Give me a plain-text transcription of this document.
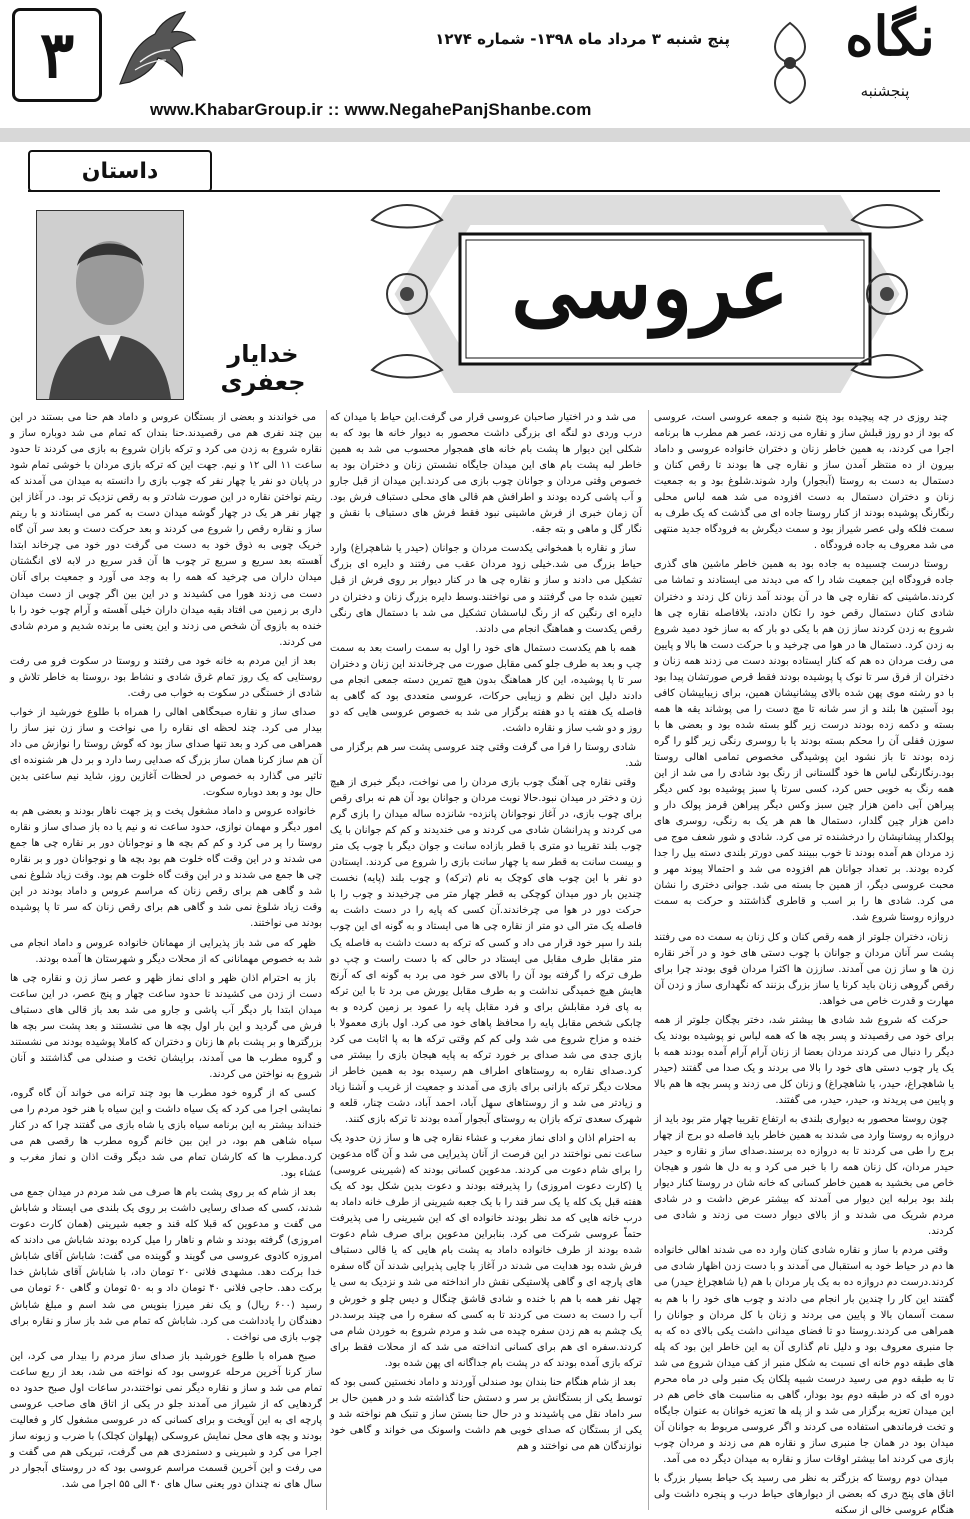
۳	پنج شنبه ۳ مرداد ماه ۱۳۹۸- شماره ۱۲۷۴
www.KhabarGroup.ir :: www.NegahePanjShanbe.com
نگاه
پنجشنبه
داستان
خدایار جعفری
عروسی

چند روزی در چه پیچیده بود پنج شنبه و جمعه عروسی است، عروسی که بود از دو روز قبلش ساز و نقاره می زدند، عصر هم مطرب ها برنامه اجرا می کردند، به همین خاطر زنان و دختران خانواده عروسی و داماد بیرون از ده منتظر آمدن ساز و نقاره چی ها بودند تا رقص کنان و دستمال به دست به روستا (آبجوار) وارد شوند.شلوغ بود و به جمعیت زنان و دختران دستمال به دست افزوده می شد همه لباس محلی رنگارنگ پوشیده بودند از کنار روستا جاده ای می گذشت که یک طرف به سمت فلکه ولی عصر شیراز بود و سمت دیگرش به فرودگاه جدید منتهی می شد معروف به جاده فرودگاه .

روستا درست چسبیده به جاده بود به همین خاطر ماشین های گذری جاده فرودگاه این جمعیت شاد را که می دیدند می ایستادند و تماشا می کردند.ماشینی که نقاره چی ها در آن بودند آمد زنان کل زدند و دختران شادی کنان دستمال رقص خود را تکان دادند، بلافاصله نقاره چی ها شروع به زدن کردند ساز زن هم با یکی دو بار که به ساز خود دمید شروع به زدن کرد. دستمال ها در هوا می چرخید و با حرکت دست ها بالا و پایین می رفت مردان ده هم که کنار ایستاده بودند دست می زدند همه زنان و دختران از فرق سر تا نوک پا پوشیده بودند فقط قرص صورتشان پیدا بود با دو رشته موی پهن شده بالای پیشانیشان همین، برای زیباییشان کافی بود آستین ها بلند و از سر شانه تا مچ دست را می پوشاند یقه ها همه بسته و دکمه زده بودند درست زیر گلو بسته شده بود و بعضی ها با سوزن قفلی آن را محکم بسته بودند یا با روسری رنگی زیر گلو را گره زده بودند تا باز نشود این پوشیدگی مخصوص تمامی اهالی روستا بود.رنگارنگی لباس ها خود گلستانی از رنگ بود شادی را می شد از این همه رنگ به خوبی حس کرد، کسی سرتا پا سبز پوشیده بود کس دیگر پیراهن آبی دامن هزار چین سبز وکس دیگر پیراهن قرمز پولک دار و دامن هزار چین گلدار، دستمال ها هم هر یک به رنگی، روسری های پولکدار پیشانیشان را درخشنده تر می کرد. شادی و شور شعف موج می زد مردان هم آمده بودند تا خوب ببینند کمی دورتر بلندی دسته بیل را جدا کرده بودند. بر تعداد جوانان هم افزوده می شد و احتمالا پیوند مهر و محبت عروسی دیگر، از همین جا بسته می شد. جوانی دختری را نشان می کرد. شادی ها را بر اسب و قاطری گذاشتند و حرکت به سمت دروازه روستا شروع شد.

زنان، دختران جلوتر از همه رقص کنان و کل زنان به سمت ده می رفتند پشت سر آنان مردان و جوانان با چوب دستی های خود و در آخر نقاره زن ها و ساز زن می آمدند. ساززن ها اکثرا مردان قوی بودند چرا برای رقص گروهی زنان باید کرنا یا ساز بزرگ بزنند که نگهداری ساز و زدن آن مهارت و قدرت خاص می خواهد.

حرکت که شروع شد شادی ها بیشتر شد، دختر بچگان جلوتر از همه برای خود می رقصیدند و پسر بچه ها که همه لباس نو پوشیده بودند یک دیگر را دنبال می کردند مردان بعضا از زنان آرام آرام آمده بودند همه با یک یار چوب دستی های خود را بالا می بردند و یک صدا می گفتند (حیدر یا شاهچراغ، حیدر، یا شاهچراغ) و زنان کل می زدند و پسر بچه ها هم بالا و پایین می پریدند و، حیدر، حیدر، می گفتند.

چون روستا محصور به دیواری بلندی به ارتفاع تقریبا چهار متر بود باید از دروازه به روستا وارد می شدند به همین خاطر باید فاصله دو برج از چهار برج را طی می کردند تا به دروازه ده برسند.صدای ساز و نقاره و حیدر حیدر مردان، کل زنان همه را با خبر می کرد و به دل ها شور و هیجان خاص می بخشید به همین خاطر کسانی که خانه شان در روستا کنار دیوار بلند بود برلبه این دیوار می آمدند که بیشتر عرض داشت و در شادی مردم شریک می شدند و از بالای دیوار دست می زدند و شادی می کردند.

وقتی مردم با ساز و نقاره شادی کنان وارد ده می شدند اهالی خانواده ها دم در حیاط خود به استقبال می آمدند و با دست زدن اظهار شادی می کردند.درست دم دروازه ده به یک یار مردان با هم (یا شاهچراغ حیدر) می گفتند این کار را چندین بار انجام می دادند و چوب های خود را با هم به سمت آسمان بالا و پایین می بردند و زنان با کل مردان و جوانان را همراهی می کردند.روستا دو تا فضای میدانی داشت یکی بالای ده که به جا منبری معروف بود و دلیل نام گذاری آن به این خاطر این بود که پله های طبقه دوم خانه ای نسبت به شکل منبر از کف میدان شروع می شد تا به طبقه دوم می رسید درست شبیه پلکان یک منبر ولی در ماه محرم دوره ای که در طبقه دوم بود بودار، گاهی به مناسبت های خاص هم در این میدان تعزیه برگزار می شد و از پله ها تعزیه خوانان به عنوان جایگاه و تخت فرماندهی استفاده می کردند و اگر عروسی مربوط به جوانان آن میدان بود در همان جا منبری ساز و نقاره هم می زدند و مردان چوب بازی می کردند اما بیشتر اوقات ساز و نقاره به میدان دیگر ده می آمد.

میدان دوم روستا که بزرگتر به نظر می رسید یک حیاط بسیار بزرگ با اتاق های پنج دری که بعضی از دیوارهای حیاط درب و پنجره داشت ولی هنگام عروسی خالی از سکنه

می شد و در اختیار صاحبان عروسی قرار می گرفت.این حیاط یا میدان که درب وردی دو لنگه ای بزرگی داشت محصور به دیوار خانه ها بود که به شکلی این دیوار ها پشت بام خانه های همجوار محسوب می شد به همین خاطر لبه پشت بام های این میدان جایگاه نشستن زنان و دختران بود به خصوص وقتی مردان و جوانان چوب بازی می کردند.این میدان از قبل جارو و آب پاشی کرده بودند و اطرافش هم قالی های محلی دستباف فرش بود. آن زمان خبری از فرش ماشینی نبود فقط فرش های دستباف با نقش و نگار گل و ماهی و بته جقه.

ساز و نقاره با همخوانی یکدست مردان و جوانان (حیدر یا شاهچراغ) وارد حیاط بزرگ می شد.خیلی زود مردان عقب می رفتند و دایره ای بزرگ تشکیل می دادند و ساز و نقاره چی ها در کنار دیوار بر روی فرش از قبل تعیین شده جا می گرفتند و می نواختند.وسط دایره بزرگ زنان و دختران در دایره ای رنگین که از رنگ لباسشان تشکیل می شد با دستمال های رنگی رقص یکدست و هماهنگ انجام می دادند.

همه با هم یکدست دستمال های خود را اول به سمت راست بعد به سمت چپ و بعد به طرف جلو کمی مقابل صورت می چرخاندند این زنان و دختران سر تا پا پوشیده، این کار هماهنگ بدون هیچ تمرین دسته جمعی انجام می دادند دلیل این نظم و زیبایی حرکات، عروسی متعددی بود که گاهی به فاصله یک هفته یا دو هفته برگزار می شد به خصوص عروسی هایی که دو روز و دو شب ساز و نقاره داشت.

شادی روستا را فرا می گرفت وقتی چند عروسی پشت سر هم برگزار می شد.

وقتی نقاره چی آهنگ چوب بازی مردان را می نواخت، دیگر خبری از هیچ زن و دختر در میدان نبود.حالا نوبت مردان و جوانان بود آن هم نه برای رقص برای چوب بازی، در آغاز نوجوانان پانزده- شانزده ساله میدان را بازی گرم می کردند و پدرانشان شادی می کردند و می خندیدند و کم کم جوانان با یک چوب بلند تقریبا دو متری با قطر بازاده سانت و جوان دیگر با چوب یک متر و بیست سانت به قطر سه یا چهار سانت بازی را شروع می کردند. ایستادن دو نفر با این چوب های کوچک به نام (ترکه) و چوب بلند (پایه) نخست چندین بار دور میدان کوچکی به قطر چهار متر می چرخیدند و چوب را با حرکت دور در هوا می چرخاندند.آن کسی که پایه را در دست داشت به فاصله یک متر الی دو متر از نقاره چی ها می ایستاد و به گونه ای این چوب بلند را سپر خود قرار می داد و کسی که ترکه به دست داشت به فاصله یک متر مقابل طرف مقابل می ایستاد در حالی که با دست راست و چپ دو طرف ترکه را گرفته بود آن را بالای سر خود می برد به گونه ای که آرنج هایش هیچ خمیدگی نداشت و به طرف مقابل یورش می برد تا با این ترکه به پای فرد مقابلش برای و فرد مقابل پایه را عمود بر زمین کرده و به چابکی شخص مقابل پایه را محافظ پاهای خود می کرد. اول بازی معمولا با خنده و مزاح شروع می شد ولی کم کم وقتی ترکه ها به پا اثابت می کرد بازی جدی می شد صدای بر خورد ترکه به پایه هیجان بازی را بیشتر می کرد.صدای نقاره به روستاهای اطراف هم رسیده بود به همین خاطر از محلات دیگر ترکه بازانی برای بازی می آمدند و جمعیت از غریب و آشنا زیاد و زیادتر می شد و از روستاهای سهل آباد، احمد آباد، دشت چنار، قلعه و شهرک سعدی ترکه بازان به روستای آبجوار آمده بودند تا ترکه بازی کنند.

به احترام اذان و ادای نماز مغرب و عشاء نقاره چی ها و ساز زن حدود یک ساعت نمی نواختند در این فرصت از آنان پذیرایی می شد و آن گاه مدعوین را برای شام دعوت می کردند. مدعوین کسانی بودند که (شیرینی عروسی) یا (کارت دعوت امروزی) را پذیرفته بودند و دعوت بدین شکل بود که یک هفته قبل یک کله یا یک سر قند را با یک جعبه شیرینی از طرف خانه داماد به درب خانه هایی که مد نظر بودند خانواده ای که این شیرینی را می پذیرفت حتماً عروسی شرکت می کرد. بنابراین مدعوین برای صرف شام دعوت شده بودند از طرف خانواده داماد به پشت بام هایی که یا قالی دستباف فرش شده بود هدایت می شدند در آغاز با چایی پذیرایی شدند آن گاه سفره های پارچه ای و گاهی پلاستیکی نقش دار انداخته می شد و نزدیک به سی یا چهل نفر همه با هم با خنده و شادی قاشق چنگال و دیس چلو و خورش و آب را دست به دست می کردند تا به کسی که سفره را می چیند برسد.در یک چشم به هم زدن سفره چیده می شد و مردم شروع به خوردن شام می کردند.سفره ای هم برای کسانی انداخته می شد که از محلات فقط برای ترکه بازی آمده بودند که در پشت بام جداگانه ای پهن شده بود.

بعد از شام هنگام حنا بندان بود صندلی آوردند و داماد نخستین کسی بود که توسط یکی از بستگانش بر سر و دستش حنا گذاشته شد و در همین حال بر سر داماد نقل می پاشیدند و در حال حنا بستن ساز و تنبک هم نواخته شد و یکی از بستگان که صدای خوبی هم داشت واسونک می خواند و گاهی خود نوازندگان هم می نواختند و هم

می خواندند و بعضی از بستگان عروس و داماد هم حنا می بستند در این بین چند نفری هم می رقصیدند.حنا بندان که تمام می شد دوباره ساز و نقاره شروع به زدن می کرد و ترکه بازان شروع به بازی می کردند تا حدود ساعت ۱۱ الی ۱۲ و نیم. جهت این که ترکه بازی مردان با خوشی تمام شود در پایان دو نفر یا چهار نفر که چوب بازی را دانسته به میدان می آمدند که ریتم نواختن نقاره در این صورت شادتر و به رقص نزدیک تر بود. در آغاز این چهار نفر هر یک در چهار گوشه میدان دست به کمر می ایستادند و با ریتم ساز و نقاره رقص را شروع می کردند و بعد حرکت دست و بعد سر آن گاه خریک چوبی به ذوق خود به دست می گرفت دور خود می چرخاند ابتدا آهسته بعد سریع و سریع تر چوب ها آن قدر سریع در لابه لای انگشتان میدان داران می چرخید که همه را به وجد می آورد و جمعیت برای آنان دست می زدند هورا می کشیدند و در این بین اگر چوبی از دست میدان داری بر زمین می افتاد بقیه میدان داران خیلی آهسته و آرام چوب خود را با خنده به بازوی آن شخص می زدند و این یعنی ما برنده شدیم و مردم شادی می کردند.

بعد از این مردم به خانه خود می رفتند و روستا در سکوت فرو می رفت روستایی که یک روز تمام غرق شادی و نشاط بود ،روستا به خاطر تلاش و شادی از خستگی در سکوت به خواب می رفت.

صدای ساز و نقاره صبحگاهی اهالی را همراه با طلوع خورشید از خواب بیدار می کرد. چند لحظه ای نقاره را می نواخت و ساز زن نیز ساز را همراهی می کرد و بعد تنها صدای ساز بود که گوش روستا را نوازش می داد آن هم ساز کرنا همان ساز بزرگ که صدایی رسا دارد و بر دل هر شنونده ای تاثیر می گذارد به خصوص در لحظات آغازین روز، شاید نیم ساعتی بدین حال بود و بعد دوباره سکوت.

خانواده عروس و داماد مشغول پخت و پز جهت ناهار بودند و بعضی هم به امور دیگر و مهمان نوازی، حدود ساعت نه و نیم یا ده باز صدای ساز و نقاره روستا را پر می کرد و کم کم بچه ها و نوجوانان دور بر نقاره چی ها جمع می شدند و در این وقت گاه خلوت هم بود بچه ها و نوجوانان دور و بر نقاره چی ها جمع می شدند و در این وقت گاه خلوت هم بود. وقت زیاد شلوغ نمی شد و گاهی هم برای رقص زنان که مراسم عروس و داماد بودند در این وقت زیاد شلوغ نمی شد و گاهی هم برای رقص زنان که سر تا پا پوشیده بودند می نواختند.

ظهر که می شد باز پذیرایی از مهمانان خانواده عروس و داماد انجام می شد به خصوص مهمانانی که از محلات دیگر و شهرستان ها آمده بودند.

باز به احترام اذان ظهر و ادای نماز ظهر و عصر ساز زن و نقاره چی ها دست از زدن می کشیدند تا حدود ساعت چهار و پنج عصر، در این ساعت میدان ابتدا بار دیگر آب پاشی و جارو می شد بعد باز قالی های دستباف فرش می گردید و این بار اول بچه ها می نشستند و بعد پشت سر بچه ها بزرگترها و بر پشت بام ها زنان و دختران که کاملا پوشیده بودند می نشستند و گروه مطرب ها می آمدند، برایشان تخت و صندلی می گذاشتند و آنان شروع به نواختن می کردند.

کسی که از گروه خود مطرب ها بود چند ترانه می خواند آن گاه گروه، نمایشی اجرا می کرد که یک سیاه داشت و این سیاه با هنر خود مردم را می خنداند بیشتر به این برنامه سیاه بازی یا شاه بازی می گفتند چرا که در کنار سیاه شاهی هم بود، در این بین خانم گروه مطرب ها رقصی هم می کرد.مطرب ها که کارشان تمام می شد دیگر وقت اذان و نماز مغرب و عشاء بود.

بعد از شام که بر روی پشت بام ها صرف می شد مردم در میدان جمع می شدند، کسی که صدای رسایی داشت بر روی یک بلندی می ایستاد و شاباش می گفت و مدعوین که قبلا کله قند و جعبه شیرینی (همان کارت دعوت امروزی) گرفته بودند و شام و ناهار را میل کرده بودند شاباش می دادند که امروزه کادوی عروسی می گویند و گوینده می گفت: شاباش آقای شاباش خدا برکت دهد. مشهدی فلانی ۲۰ تومان داد، با شاباش آقای شاباش خدا برکت دهد. حاجی فلانی ۴۰ تومان داد و به ۵۰ تومان و گاهی ۶۰ تومان می رسید (۶۰۰ ریال) و یک نفر میرزا بنویس می شد اسم و مبلغ شاباش دهندگان را یادداشت می کرد. شاباش که تمام می شد باز ساز و نقاره برای چوب بازی می نواخت .

صبح همراه با طلوع خورشید باز صدای ساز مردم را بیدار می کرد، این ساز کرنا آخرین مرحله عروسی بود که نواخته می شد، بعد از ربع ساعت تمام می شد و ساز و نقاره دیگر نمی نواختند،در ساعات اول صبح حدود ده گردهایی که از شیراز می آمدند جلو در یکی از اتاق های صاحب عروسی پارچه ای به این آویخت و برای کسانی که در عروسی مشغول کار و فعالیت بودند و بچه های محل نمایش عروسکی (پهلوان کچلک) با ضرب و زبونه ساز اجرا می کرد و شیرینی و دستمزدی هم می گرفت، تبریکی هم می گفت و می رفت و این آخرین قسمت مراسم عروسی بود که در روستای آبجوار در سال های نه چندان دور یعنی سال های ۴۰ الی ۵۵ اجرا می شد.
